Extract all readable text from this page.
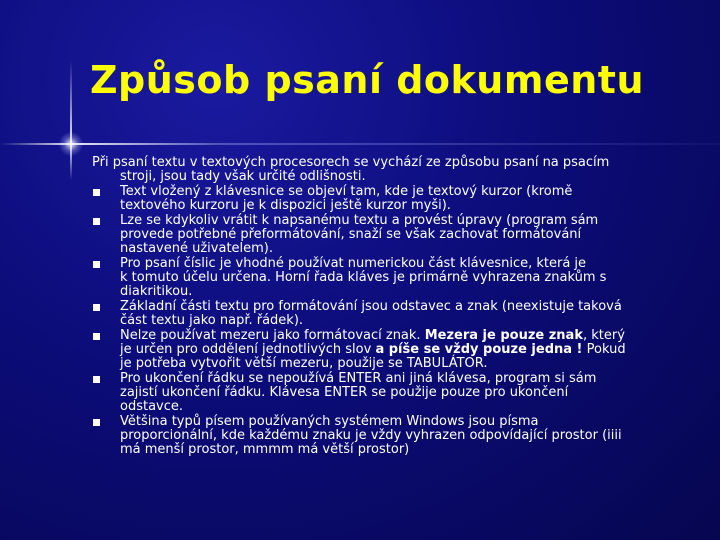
Způsob psaní dokumentu
Při psaní textu v textových procesorech se vychází ze způsobu psaní na psacím
stroji, jsou tady však určité odlišnosti.
Text vložený z klávesnice se objeví tam, kde je textový kurzor (kromě
textového kurzoru je k dispozici ještě kurzor myši).
Lze se kdykoliv vrátit k napsanému textu a provést úpravy (program sám
provede potřebné přeformátování, snaží se však zachovat formátování
nastavené uživatelem).
Pro psaní číslic je vhodné používat numerickou část klávesnice, která je
k tomuto účelu určena. Horní řada kláves je primárně vyhrazena znakům s
diakritikou.
Základní části textu pro formátování jsou odstavec a znak (neexistuje taková
část textu jako např. řádek).
Nelze používat mezeru jako formátovací znak. Mezera je pouze znak, který
je určen pro oddělení jednotlivých slov a píše se vždy pouze jedna ! Pokud
je potřeba vytvořit větší mezeru, použije se TABULÁTOR.
Pro ukončení řádku se nepoužívá ENTER ani jiná klávesa, program si sám
zajistí ukončení řádku. Klávesa ENTER se použije pouze pro ukončení
odstavce.
Většina typů písem používaných systémem Windows jsou písma
proporcionální, kde každému znaku je vždy vyhrazen odpovídající prostor (iiii
má menší prostor, mmmm má větší prostor)
